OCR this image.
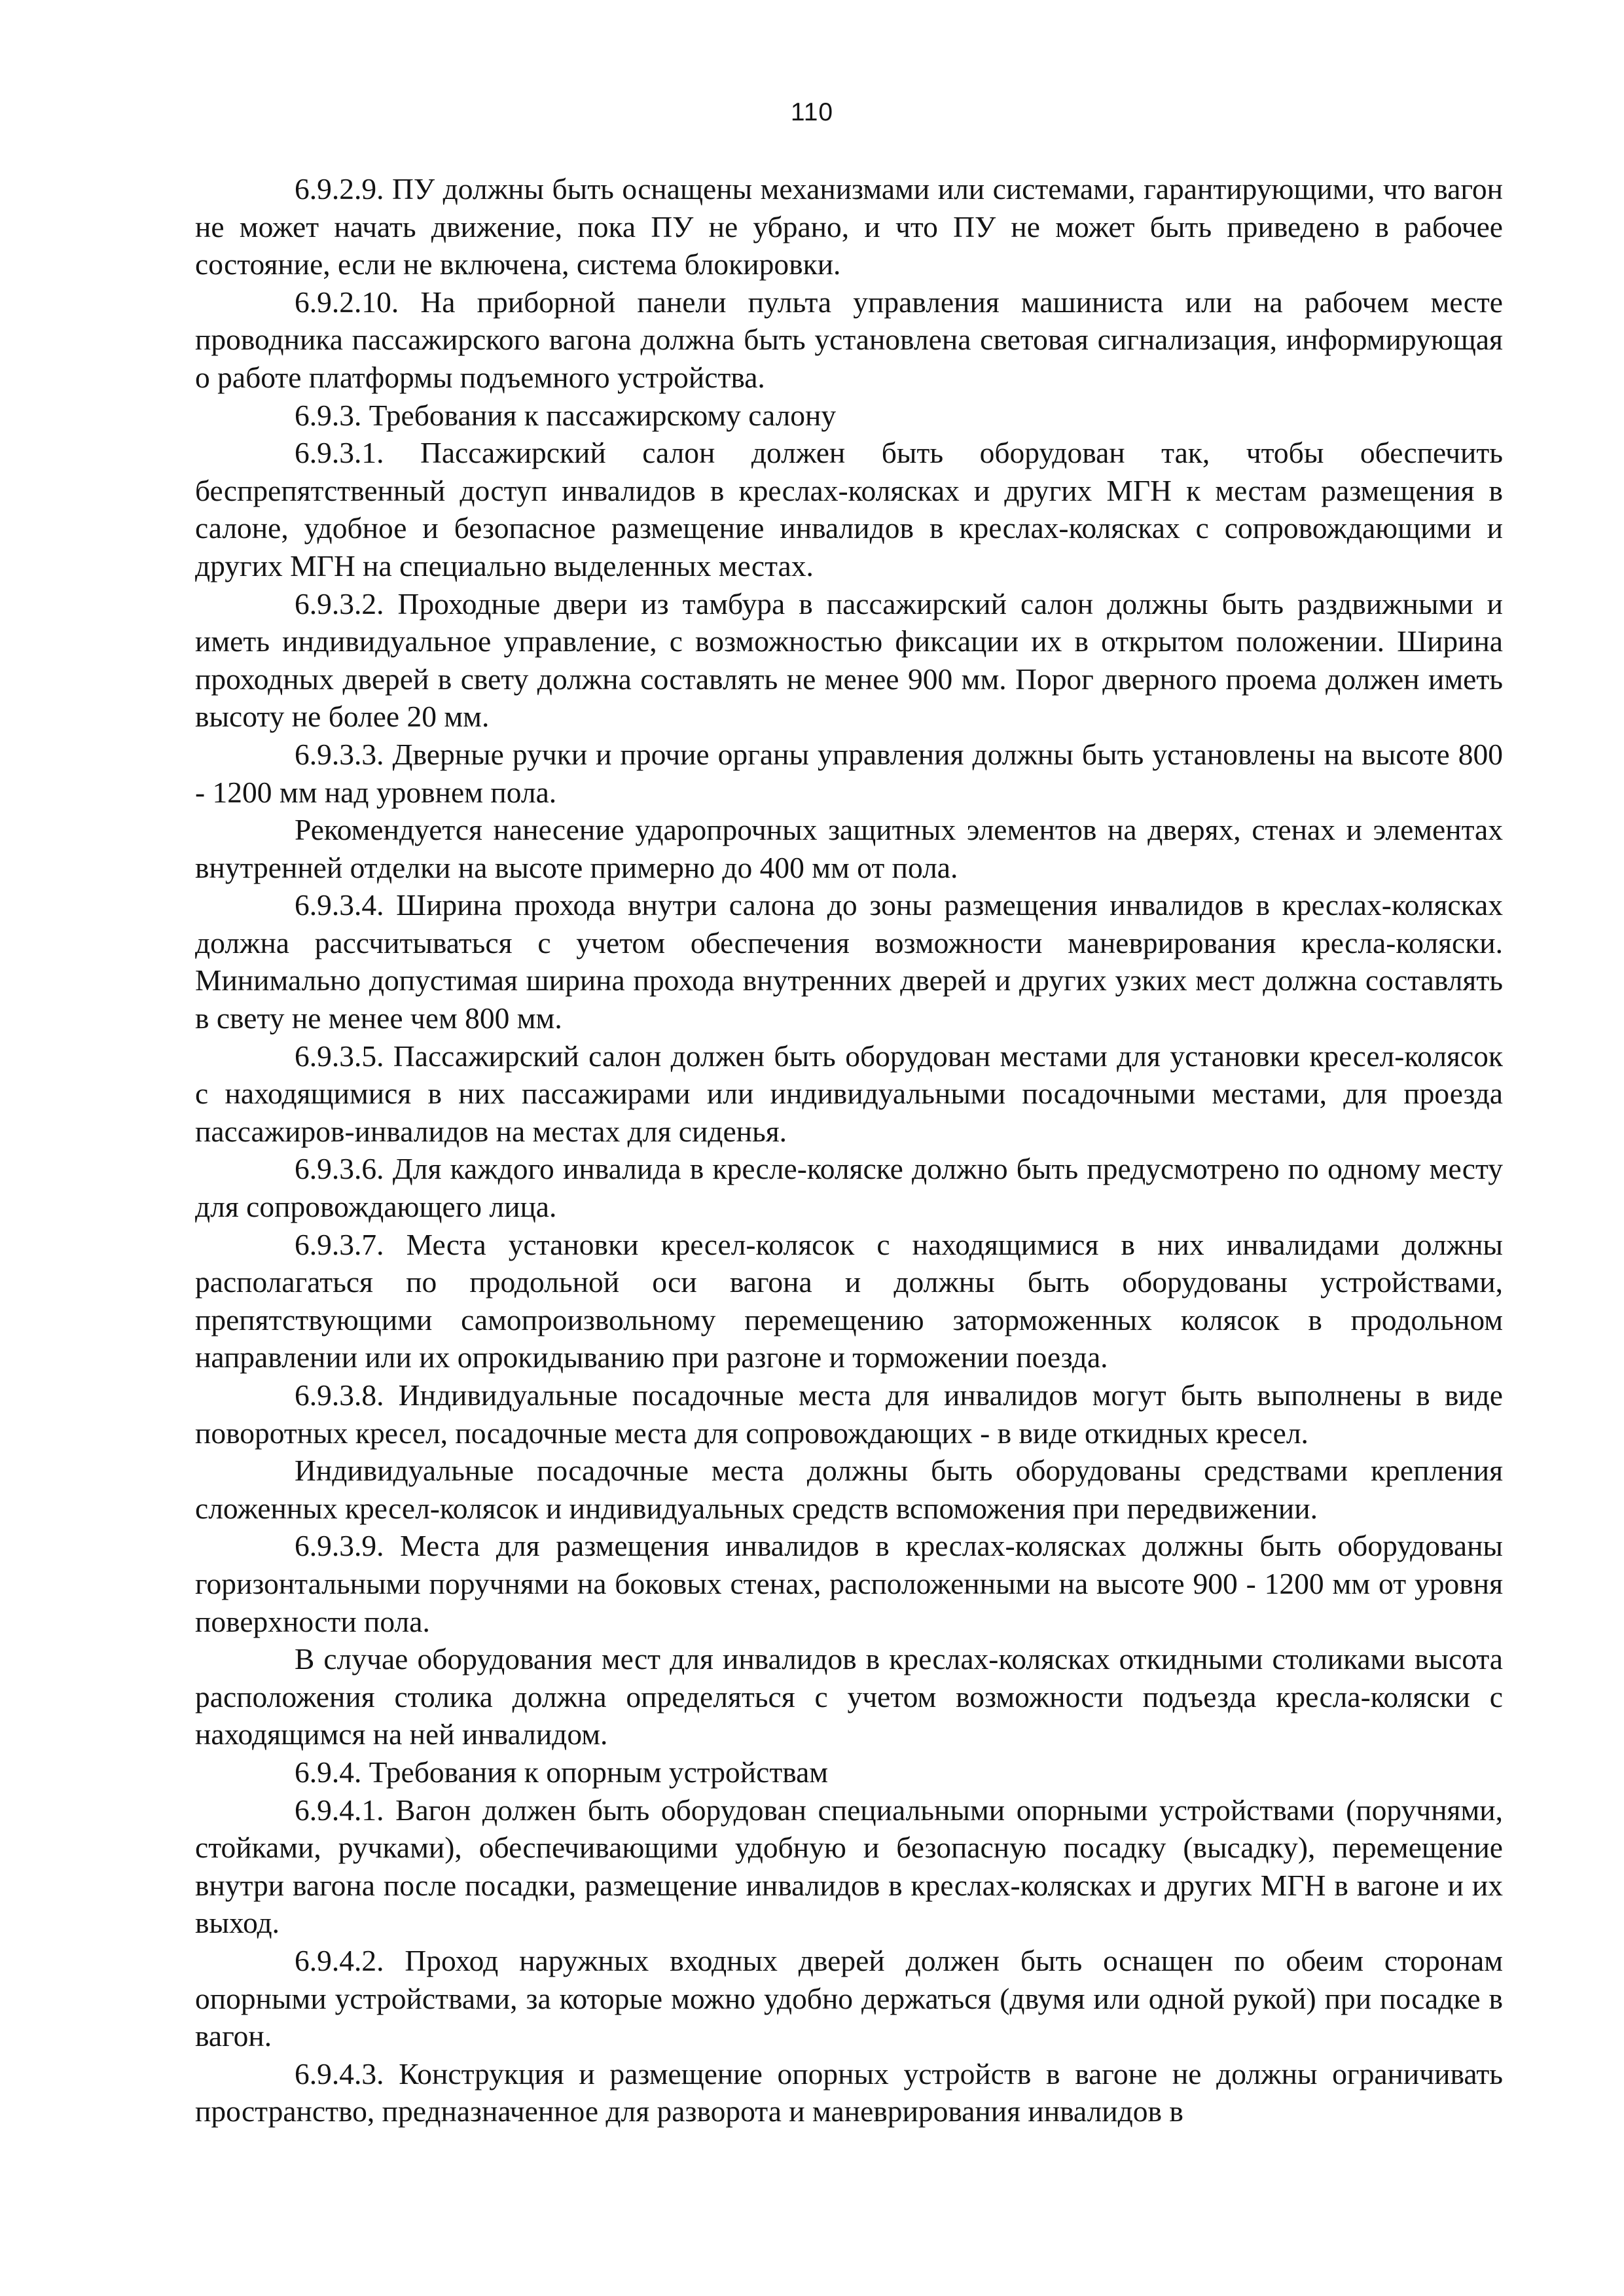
110

6.9.2.9. ПУ должны быть оснащены механизмами или системами, гарантирующими, что вагон не может начать движение, пока ПУ не убрано, и что ПУ не может быть приведено в рабочее состояние, если не включена, система блокировки.

6.9.2.10. На приборной панели пульта управления машиниста или на рабочем месте проводника пассажирского вагона должна быть установлена световая сигнализация, информирующая о работе платформы подъемного устройства.

6.9.3. Требования к пассажирскому салону

6.9.3.1. Пассажирский салон должен быть оборудован так, чтобы обеспечить беспрепятственный доступ инвалидов в креслах-колясках и других МГН к местам размещения в салоне, удобное и безопасное размещение инвалидов в креслах-колясках с сопровождающими и других МГН на специально выделенных местах.

6.9.3.2. Проходные двери из тамбура в пассажирский салон должны быть раздвижными и иметь индивидуальное управление, с возможностью фиксации их в открытом положении. Ширина проходных дверей в свету должна составлять не менее 900 мм. Порог дверного проема должен иметь высоту не более 20 мм.

6.9.3.3. Дверные ручки и прочие органы управления должны быть установлены на высоте 800 - 1200 мм над уровнем пола.

Рекомендуется нанесение ударопрочных защитных элементов на дверях, стенах и элементах внутренней отделки на высоте примерно до 400 мм от пола.

6.9.3.4. Ширина прохода внутри салона до зоны размещения инвалидов в креслах-колясках должна рассчитываться с учетом обеспечения возможности маневрирования кресла-коляски. Минимально допустимая ширина прохода внутренних дверей и других узких мест должна составлять в свету не менее чем 800 мм.

6.9.3.5. Пассажирский салон должен быть оборудован местами для установки кресел-колясок с находящимися в них пассажирами или индивидуальными посадочными местами, для проезда пассажиров-инвалидов на местах для сиденья.

6.9.3.6. Для каждого инвалида в кресле-коляске должно быть предусмотрено по одному месту для сопровождающего лица.

6.9.3.7. Места установки кресел-колясок с находящимися в них инвалидами должны располагаться по продольной оси вагона и должны быть оборудованы устройствами, препятствующими самопроизвольному перемещению заторможенных колясок в продольном направлении или их опрокидыванию при разгоне и торможении поезда.

6.9.3.8. Индивидуальные посадочные места для инвалидов могут быть выполнены в виде поворотных кресел, посадочные места для сопровождающих - в виде откидных кресел.

Индивидуальные посадочные места должны быть оборудованы средствами крепления сложенных кресел-колясок и индивидуальных средств вспоможения при передвижении.

6.9.3.9. Места для размещения инвалидов в креслах-колясках должны быть оборудованы горизонтальными поручнями на боковых стенах, расположенными на высоте 900 - 1200 мм от уровня поверхности пола.

В случае оборудования мест для инвалидов в креслах-колясках откидными столиками высота расположения столика должна определяться с учетом возможности подъезда кресла-коляски с находящимся на ней инвалидом.

6.9.4. Требования к опорным устройствам

6.9.4.1. Вагон должен быть оборудован специальными опорными устройствами (поручнями, стойками, ручками), обеспечивающими удобную и безопасную посадку (высадку), перемещение внутри вагона после посадки, размещение инвалидов в креслах-колясках и других МГН в вагоне и их выход.

6.9.4.2. Проход наружных входных дверей должен быть оснащен по обеим сторонам опорными устройствами, за которые можно удобно держаться (двумя или одной рукой) при посадке в вагон.

6.9.4.3. Конструкция и размещение опорных устройств в вагоне не должны ограничивать пространство, предназначенное для разворота и маневрирования инвалидов в
